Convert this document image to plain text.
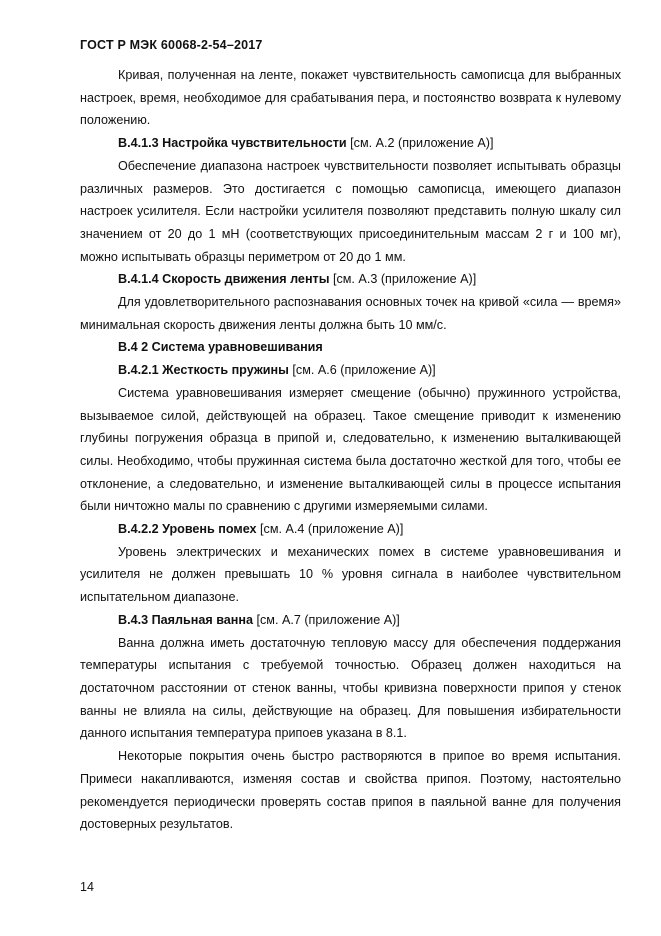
ГОСТ Р МЭК 60068-2-54–2017

Кривая, полученная на ленте, покажет чувствительность самописца для выбранных настроек, время, необходимое для срабатывания пера, и постоянство возврата к нулевому положению.

В.4.1.3 Настройка чувствительности [см. А.2 (приложение А)]

Обеспечение диапазона настроек чувствительности позволяет испытывать образцы различных размеров. Это достигается с помощью самописца, имеющего диапазон настроек усилителя. Если настройки усилителя позволяют представить полную шкалу сил значением от 20 до 1 мН (соответствующих присоединительным массам 2 г и 100 мг), можно испытывать образцы периметром от 20 до 1 мм.

В.4.1.4 Скорость движения ленты [см. А.3 (приложение А)]

Для удовлетворительного распознавания основных точек на кривой «сила — время» минимальная скорость движения ленты должна быть 10 мм/с.

В.4 2 Система уравновешивания

В.4.2.1 Жесткость пружины [см. А.6 (приложение А)]

Система уравновешивания измеряет смещение (обычно) пружинного устройства, вызываемое силой, действующей на образец. Такое смещение приводит к изменению глубины погружения образца в припой и, следовательно, к изменению выталкивающей силы. Необходимо, чтобы пружинная система была достаточно жесткой для того, чтобы ее отклонение, а следовательно, и изменение выталкивающей силы в процессе испытания были ничтожно малы по сравнению с другими измеряемыми силами.

В.4.2.2 Уровень помех [см. А.4 (приложение А)]

Уровень электрических и механических помех в системе уравновешивания и усилителя не должен превышать 10 % уровня сигнала в наиболее чувствительном испытательном диапазоне.

В.4.3 Паяльная ванна [см. А.7 (приложение А)]

Ванна должна иметь достаточную тепловую массу для обеспечения поддержания температуры испытания с требуемой точностью. Образец должен находиться на достаточном расстоянии от стенок ванны, чтобы кривизна поверхности припоя у стенок ванны не влияла на силы, действующие на образец. Для повышения избирательности данного испытания температура припоев указана в 8.1.

Некоторые покрытия очень быстро растворяются в припое во время испытания. Примеси накапливаются, изменяя состав и свойства припоя. Поэтому, настоятельно рекомендуется периодически проверять состав припоя в паяльной ванне для получения достоверных результатов.

14
